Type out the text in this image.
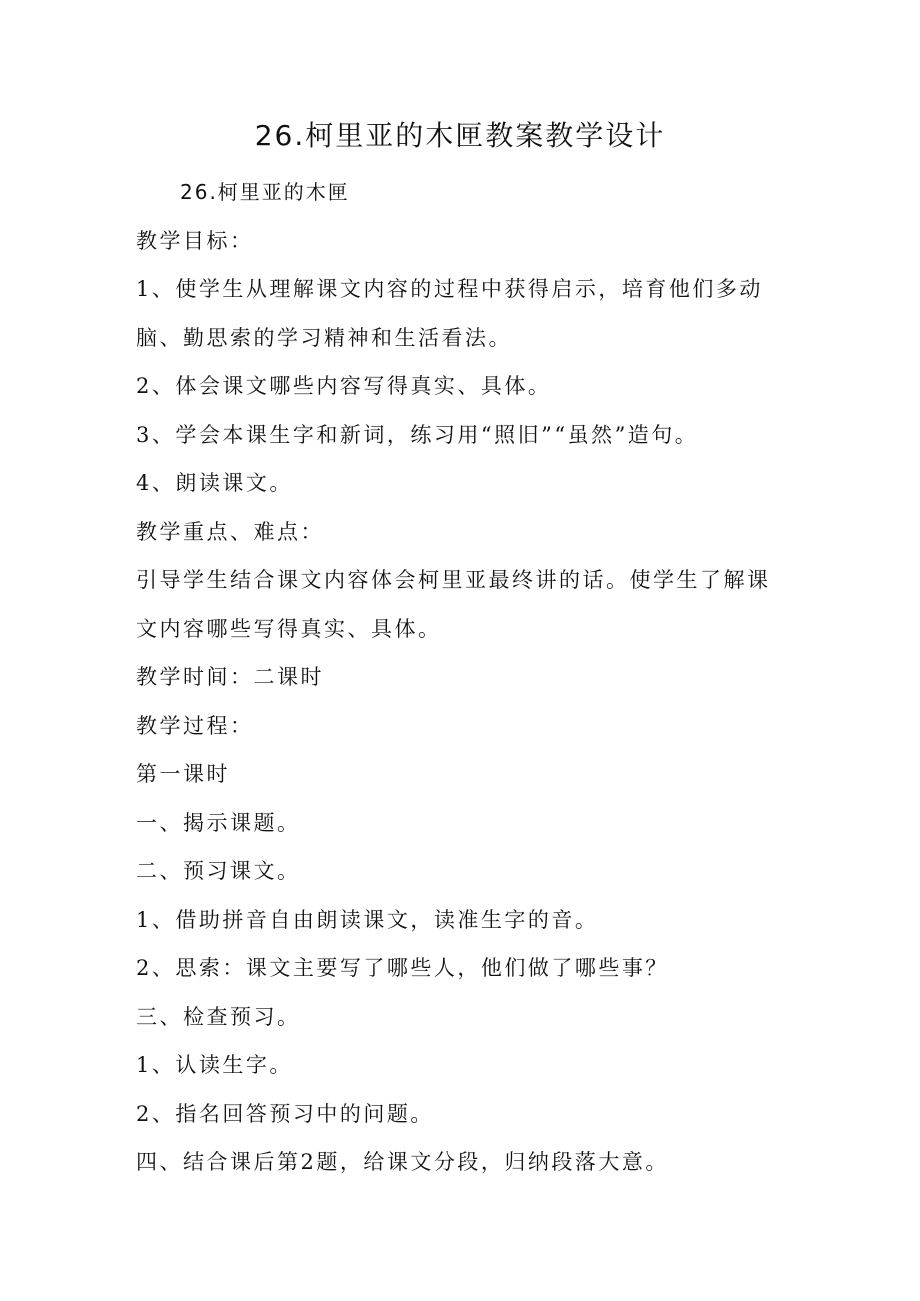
26.柯里亚的木匣教案教学设计
26.柯里亚的木匣
教学目标：
1、使学生从理解课文内容的过程中获得启示，培育他们多动
脑、勤思索的学习精神和生活看法。
2、体会课文哪些内容写得真实、具体。
3、学会本课生字和新词，练习用“照旧”“虽然”造句。
4、朗读课文。
教学重点、难点：
引导学生结合课文内容体会柯里亚最终讲的话。使学生了解课
文内容哪些写得真实、具体。
教学时间：二课时
教学过程：
第一课时
一、揭示课题。
二、预习课文。
1、借助拼音自由朗读课文，读准生字的音。
2、思索：课文主要写了哪些人，他们做了哪些事？
三、检查预习。
1、认读生字。
2、指名回答预习中的问题。
四、结合课后第2题，给课文分段，归纳段落大意。
